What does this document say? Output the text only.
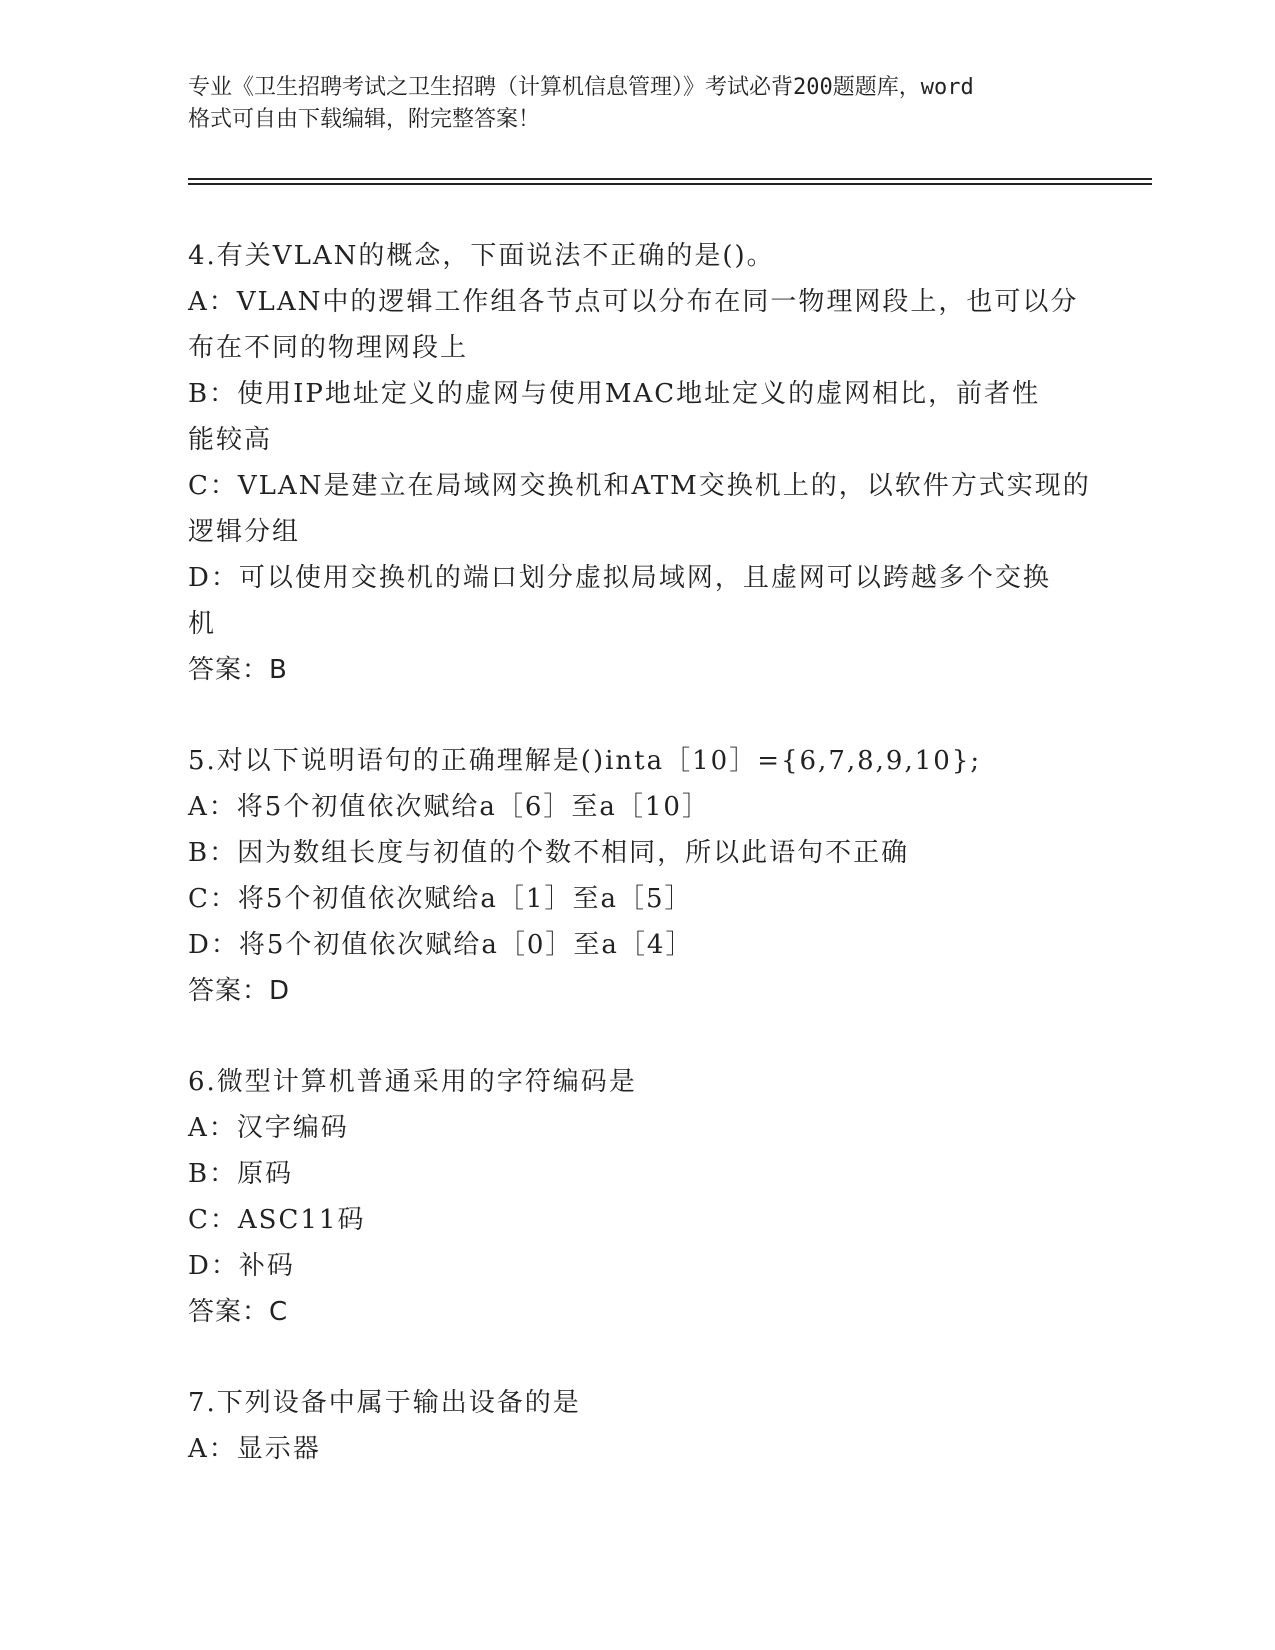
专业《卫生招聘考试之卫生招聘（计算机信息管理）》考试必背200题题库，word
格式可自由下载编辑，附完整答案！
4.有关VLAN的概念，下面说法不正确的是()。
A：VLAN中的逻辑工作组各节点可以分布在同一物理网段上，也可以分
布在不同的物理网段上
B：使用IP地址定义的虚网与使用MAC地址定义的虚网相比，前者性
能较高
C：VLAN是建立在局域网交换机和ATM交换机上的，以软件方式实现的
逻辑分组
D：可以使用交换机的端口划分虚拟局域网，且虚网可以跨越多个交换
机
答案：B
5.对以下说明语句的正确理解是()inta［10］={6,7,8,9,10};
A：将5个初值依次赋给a［6］至a［10］
B：因为数组长度与初值的个数不相同，所以此语句不正确
C：将5个初值依次赋给a［1］至a［5］
D：将5个初值依次赋给a［0］至a［4］
答案：D
6.微型计算机普通采用的字符编码是
A：汉字编码
B：原码
C：ASC11码
D：补码
答案：C
7.下列设备中属于输出设备的是
A：显示器
